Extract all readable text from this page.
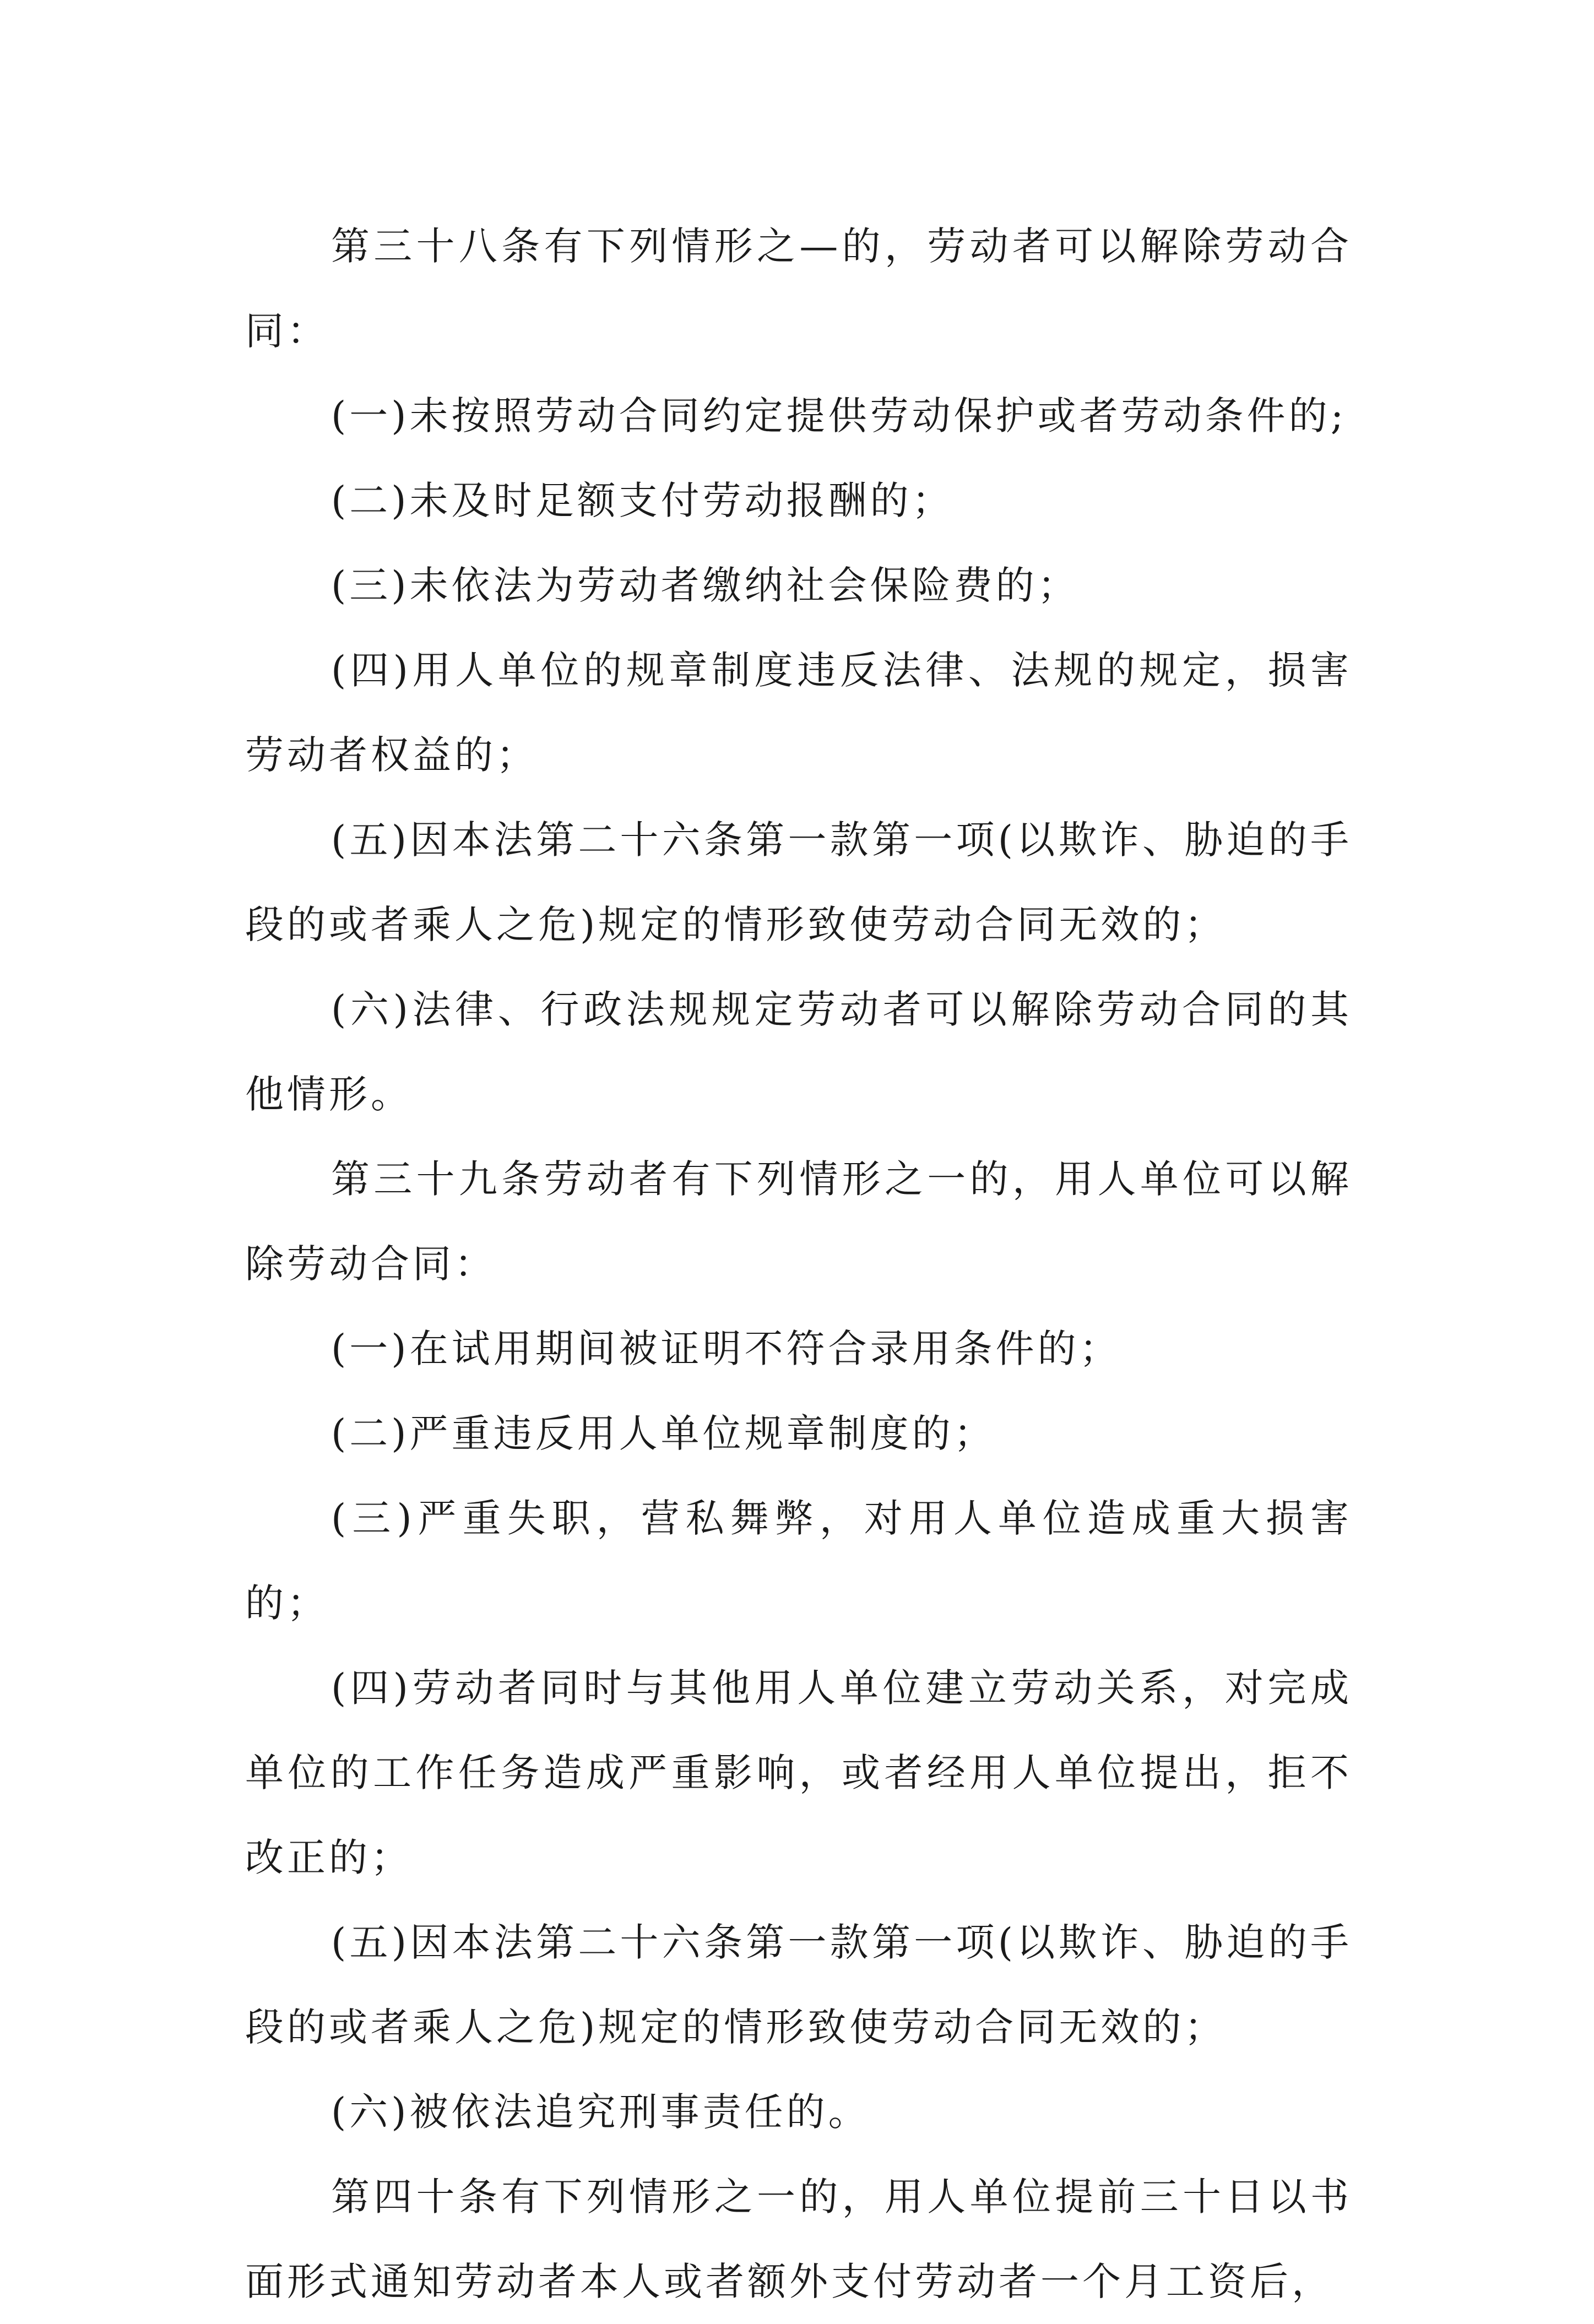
第三十八条有下列情形之—的，劳动者可以解除劳动合同：

(一)未按照劳动合同约定提供劳动保护或者劳动条件的;

(二)未及时足额支付劳动报酬的；

(三)未依法为劳动者缴纳社会保险费的；

(四)用人单位的规章制度违反法律、法规的规定，损害劳动者权益的；

(五)因本法第二十六条第一款第一项(以欺诈、胁迫的手段的或者乘人之危)规定的情形致使劳动合同无效的；

(六)法律、行政法规规定劳动者可以解除劳动合同的其他情形。

第三十九条劳动者有下列情形之一的，用人单位可以解除劳动合同：

(一)在试用期间被证明不符合录用条件的；

(二)严重违反用人单位规章制度的；

(三)严重失职，营私舞弊，对用人单位造成重大损害的；

(四)劳动者同时与其他用人单位建立劳动关系，对完成单位的工作任务造成严重影响，或者经用人单位提出，拒不改正的；

(五)因本法第二十六条第一款第一项(以欺诈、胁迫的手段的或者乘人之危)规定的情形致使劳动合同无效的；

(六)被依法追究刑事责任的。

第四十条有下列情形之一的，用人单位提前三十日以书面形式通知劳动者本人或者额外支付劳动者一个月工资后，
